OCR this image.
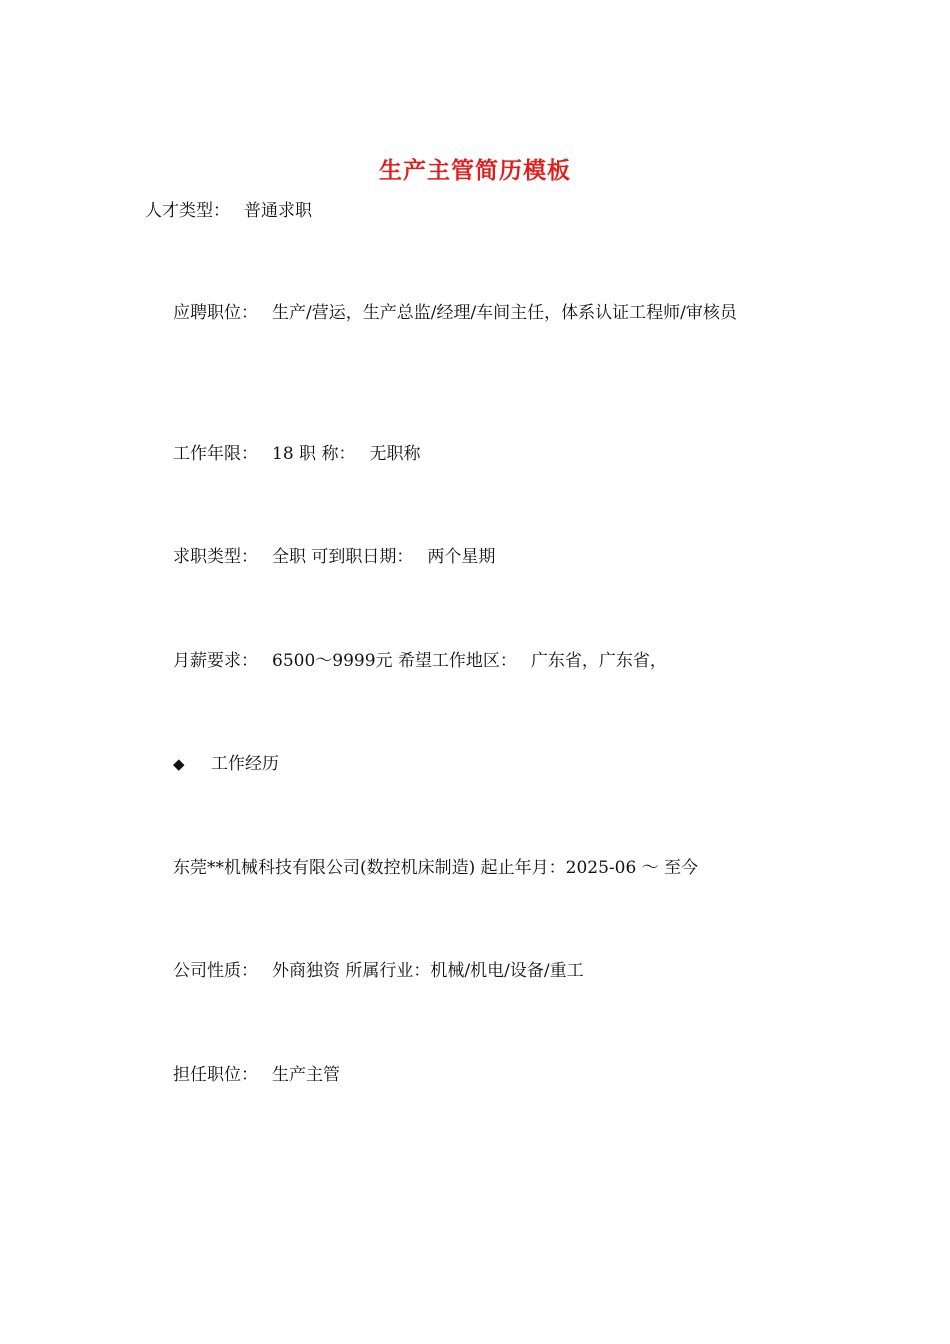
生产主管简历模板
人才类型： 普通求职
应聘职位： 生产/营运，生产总监/经理/车间主任，体系认证工程师/审核员
工作年限： 18 职 称： 无职称
求职类型： 全职 可到职日期： 两个星期
月薪要求： 6500～9999元 希望工作地区： 广东省，广东省，
◆ 工作经历
东莞**机械科技有限公司(数控机床制造) 起止年月：2025-06 ～ 至今
公司性质： 外商独资 所属行业：机械/机电/设备/重工
担任职位： 生产主管
